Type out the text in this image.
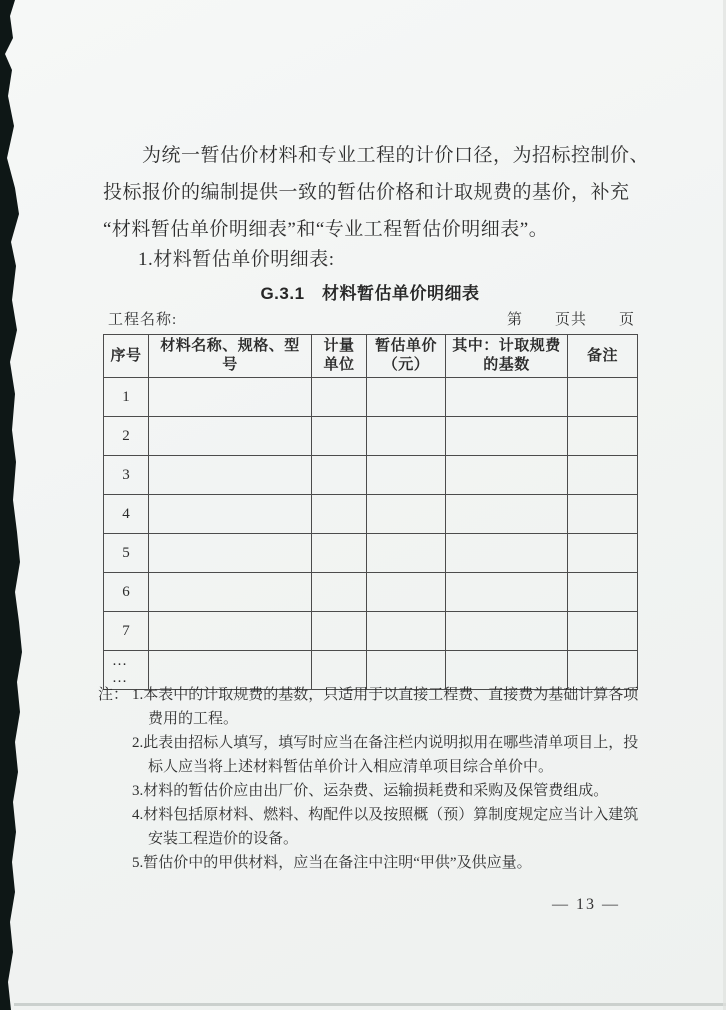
为统一暂估价材料和专业工程的计价口径，为招标控制价、
投标报价的编制提供一致的暂估价格和计取规费的基价，补充
“材料暂估单价明细表”和“专业工程暂估价明细表”。
1.材料暂估单价明细表:
G.3.1　材料暂估单价明细表
工程名称:	第　　页共　　页
序号	材料名称、规格、型号	计量单位	暂估单价（元）	其中：计取规费的基数	备注
1					
2					
3					
4					
5					
6					
7					
… …					
注： 1.本表中的计取规费的基数，只适用于以直接工程费、直接费为基础计算各项费用的工程。
2.此表由招标人填写，填写时应当在备注栏内说明拟用在哪些清单项目上，投标人应当将上述材料暂估单价计入相应清单项目综合单价中。
3.材料的暂估价应由出厂价、运杂费、运输损耗费和采购及保管费组成。
4.材料包括原材料、燃料、构配件以及按照概（预）算制度规定应当计入建筑安装工程造价的设备。
5.暂估价中的甲供材料，应当在备注中注明“甲供”及供应量。
— 13 —
